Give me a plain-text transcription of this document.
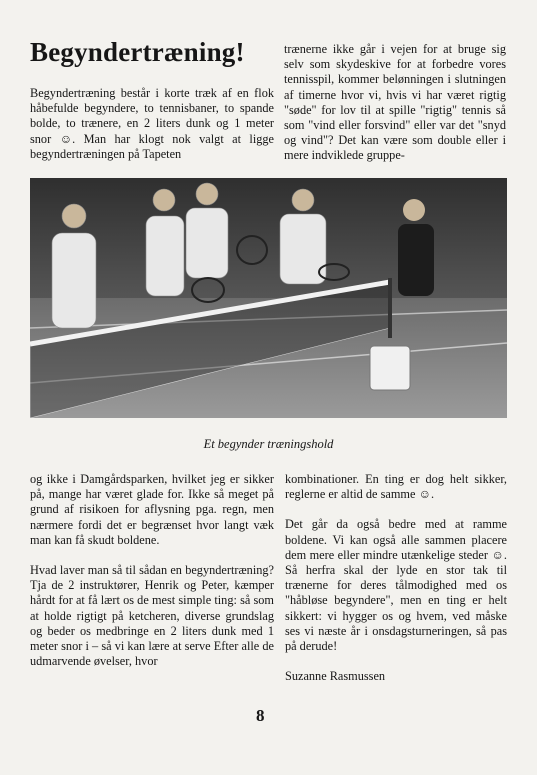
Begyndertræning!

Begyndertræning består i korte træk af en flok håbefulde begyndere, to tennisbaner, to spande bolde, to trænere, en 2 liters dunk og 1 meter snor ☺. Man har klogt nok valgt at ligge begyndertræningen på Tapeten

trænerne ikke går i vejen for at bruge sig selv som skydeskive for at forbedre vores tennisspil, kommer belønningen i slutningen af timerne hvor vi, hvis vi har været rigtig "søde" for lov til at spille "rigtig" tennis så som "vind eller forsvind" eller var det "snyd og vind"? Det kan være som double eller i mere indviklede gruppe-

Et begynder træningshold

og ikke i Damgårdsparken, hvilket jeg er sikker på, mange har været glade for. Ikke så meget på grund af risikoen for aflysning pga. regn, men nærmere fordi det er begrænset hvor langt væk man kan få skudt boldene.

Hvad laver man så til sådan en begyndertræning? Tja de 2 instruktører, Henrik og Peter, kæmper hårdt for at få lært os de mest simple ting: så som at holde rigtigt på ketcheren, diverse grundslag og beder os medbringe en 2 liters dunk med 1 meter snor i – så vi kan lære at serve Efter alle de udmarvende øvelser, hvor

kombinationer. En ting er dog helt sikker, reglerne er altid de samme ☺.

Det går da også bedre med at ramme boldene. Vi kan også alle sammen placere dem mere eller mindre utænkelige steder ☺. Så herfra skal der lyde en stor tak til trænerne for deres tålmodighed med os "håbløse begyndere", men en ting er helt sikkert: vi hygger os og hvem, ved måske ses vi næste år i onsdagsturneringen, så pas på derude!

Suzanne Rasmussen

8
